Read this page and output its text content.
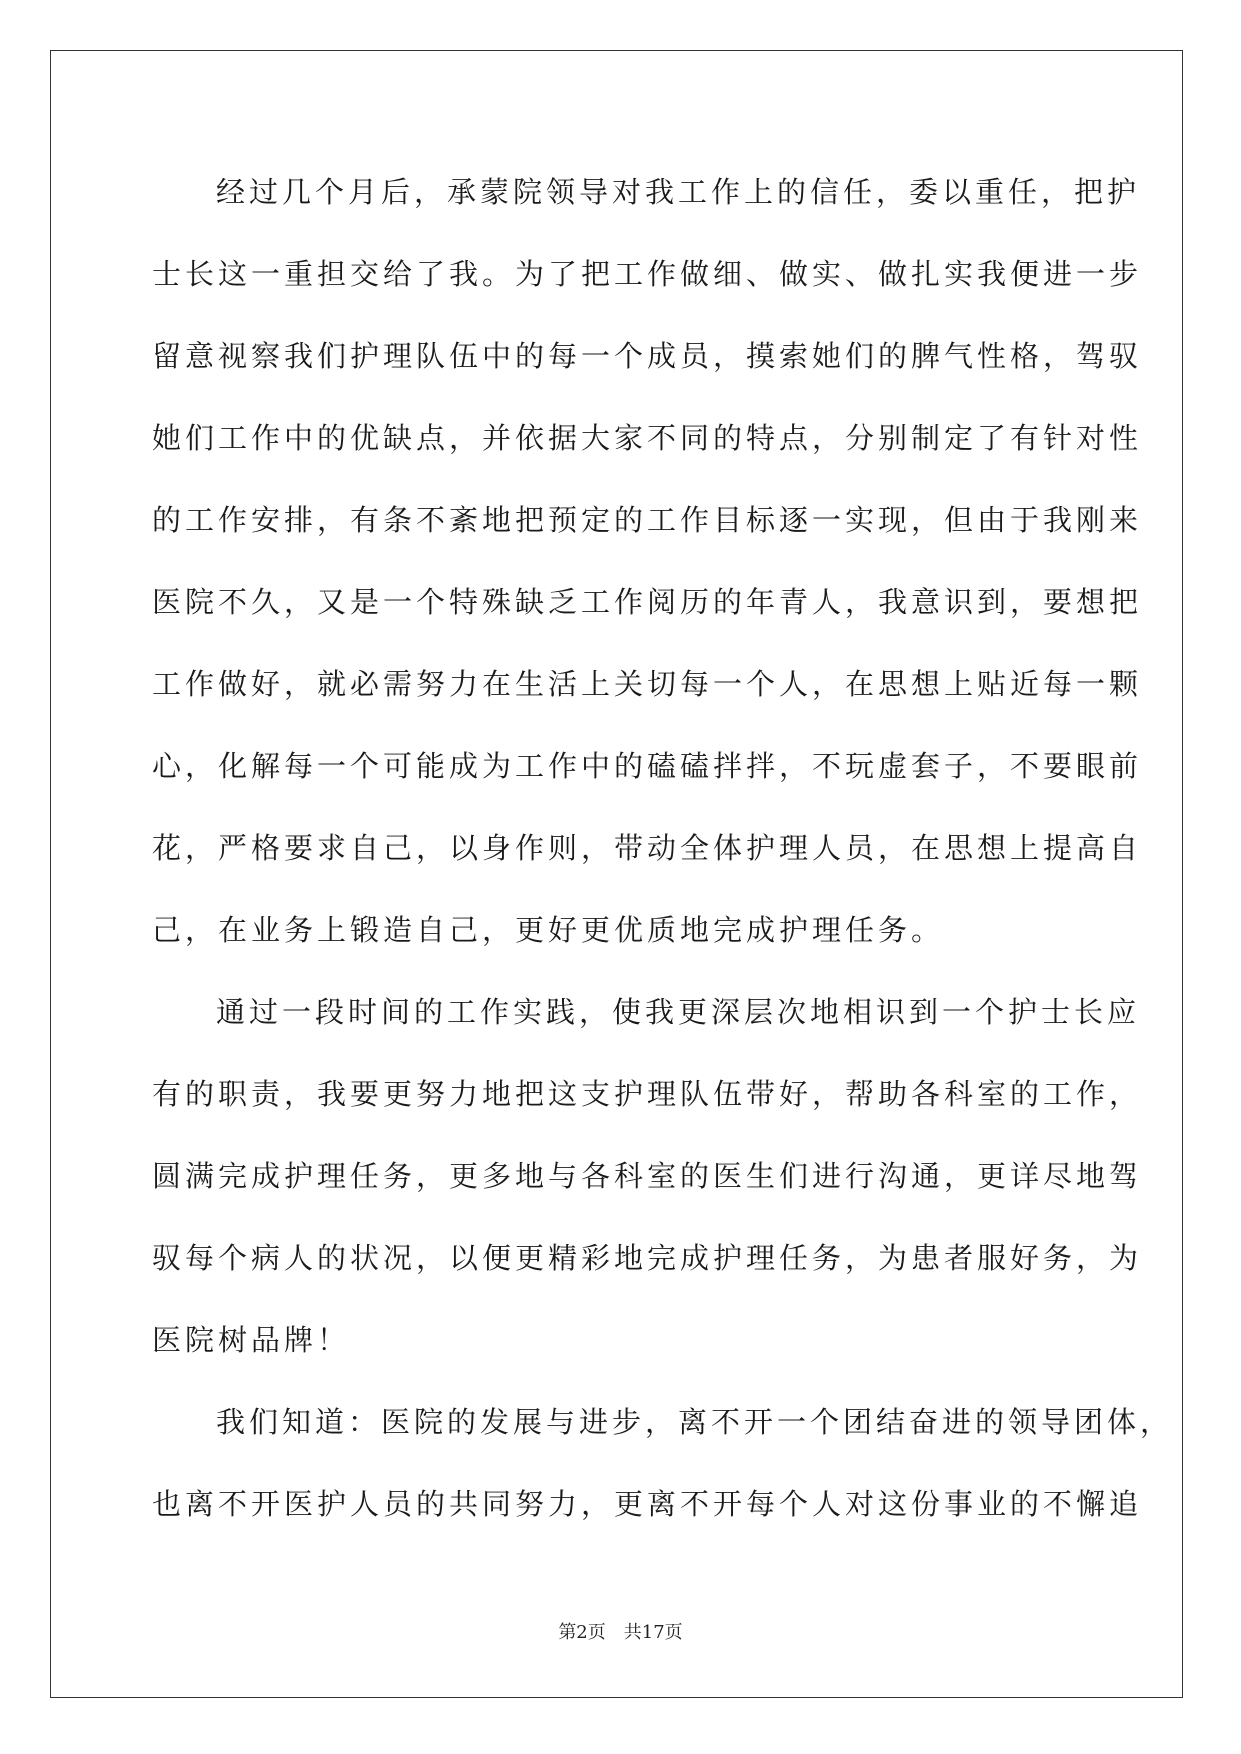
经过几个月后，承蒙院领导对我工作上的信任，委以重任，把护
士长这一重担交给了我。为了把工作做细、做实、做扎实我便进一步
留意视察我们护理队伍中的每一个成员，摸索她们的脾气性格，驾驭
她们工作中的优缺点，并依据大家不同的特点，分别制定了有针对性
的工作安排，有条不紊地把预定的工作目标逐一实现，但由于我刚来
医院不久，又是一个特殊缺乏工作阅历的年青人，我意识到，要想把
工作做好，就必需努力在生活上关切每一个人，在思想上贴近每一颗
心，化解每一个可能成为工作中的磕磕拌拌，不玩虚套子，不要眼前
花，严格要求自己，以身作则，带动全体护理人员，在思想上提高自
己，在业务上锻造自己，更好更优质地完成护理任务。
通过一段时间的工作实践，使我更深层次地相识到一个护士长应
有的职责，我要更努力地把这支护理队伍带好，帮助各科室的工作，
圆满完成护理任务，更多地与各科室的医生们进行沟通，更详尽地驾
驭每个病人的状况，以便更精彩地完成护理任务，为患者服好务，为
医院树品牌！
我们知道：医院的发展与进步，离不开一个团结奋进的领导团体，
也离不开医护人员的共同努力，更离不开每个人对这份事业的不懈追
第2页　共17页
